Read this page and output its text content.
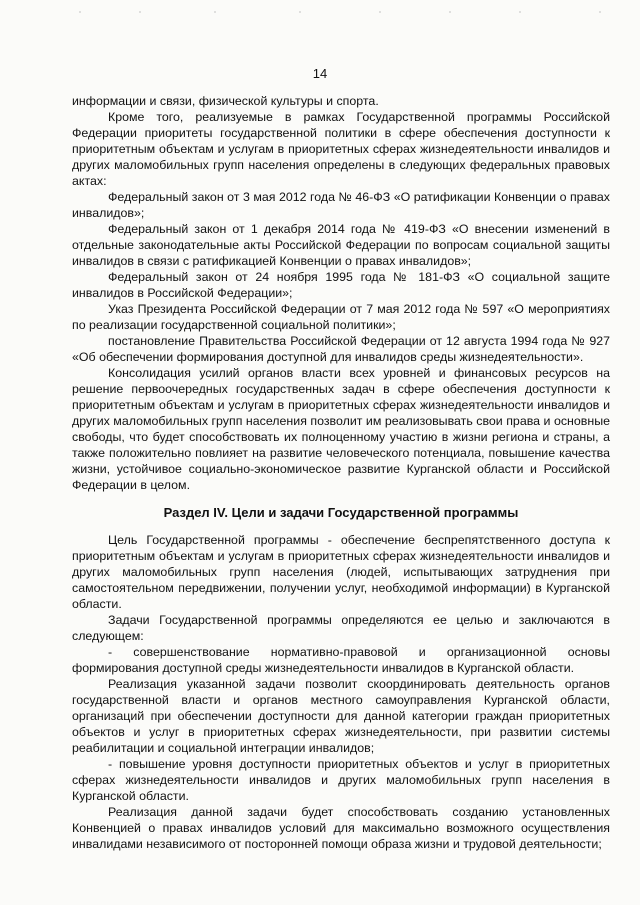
14

информации и связи, физической культуры и спорта.

Кроме того, реализуемые в рамках Государственной программы Российской Федерации приоритеты государственной политики в сфере обеспечения доступности к приоритетным объектам и услугам в приоритетных сферах жизнедеятельности инвалидов и других маломобильных групп населения определены в следующих федеральных правовых актах:

Федеральный закон от 3 мая 2012 года № 46-ФЗ «О ратификации Конвенции о правах инвалидов»;

Федеральный закон от 1 декабря 2014 года № 419-ФЗ «О внесении изменений в отдельные законодательные акты Российской Федерации по вопросам социальной защиты инвалидов в связи с ратификацией Конвенции о правах инвалидов»;

Федеральный закон от 24 ноября 1995 года № 181-ФЗ «О социальной защите инвалидов в Российской Федерации»;

Указ Президента Российской Федерации от 7 мая 2012 года № 597 «О мероприятиях по реализации государственной социальной политики»;

постановление Правительства Российской Федерации от 12 августа 1994 года № 927 «Об обеспечении формирования доступной для инвалидов среды жизнедеятельности».

Консолидация усилий органов власти всех уровней и финансовых ресурсов на решение первоочередных государственных задач в сфере обеспечения доступности к приоритетным объектам и услугам в приоритетных сферах жизнедеятельности инвалидов и других маломобильных групп населения позволит им реализовывать свои права и основные свободы, что будет способствовать их полноценному участию в жизни региона и страны, а также положительно повлияет на развитие человеческого потенциала, повышение качества жизни, устойчивое социально-экономическое развитие Курганской области и Российской Федерации в целом.

Раздел IV. Цели и задачи Государственной программы

Цель Государственной программы - обеспечение беспрепятственного доступа к приоритетным объектам и услугам в приоритетных сферах жизнедеятельности инвалидов и других маломобильных групп населения (людей, испытывающих затруднения при самостоятельном передвижении, получении услуг, необходимой информации) в Курганской области.

Задачи Государственной программы определяются ее целью и заключаются в следующем:

- совершенствование нормативно-правовой и организационной основы формирования доступной среды жизнедеятельности инвалидов в Курганской области.

Реализация указанной задачи позволит скоординировать деятельность органов государственной власти и органов местного самоуправления Курганской области, организаций при обеспечении доступности для данной категории граждан приоритетных объектов и услуг в приоритетных сферах жизнедеятельности, при развитии системы реабилитации и социальной интеграции инвалидов;

- повышение уровня доступности приоритетных объектов и услуг в приоритетных сферах жизнедеятельности инвалидов и других маломобильных групп населения в Курганской области.

Реализация данной задачи будет способствовать созданию установленных Конвенцией о правах инвалидов условий для максимально возможного осуществления инвалидами независимого от посторонней помощи образа жизни и трудовой деятельности;
